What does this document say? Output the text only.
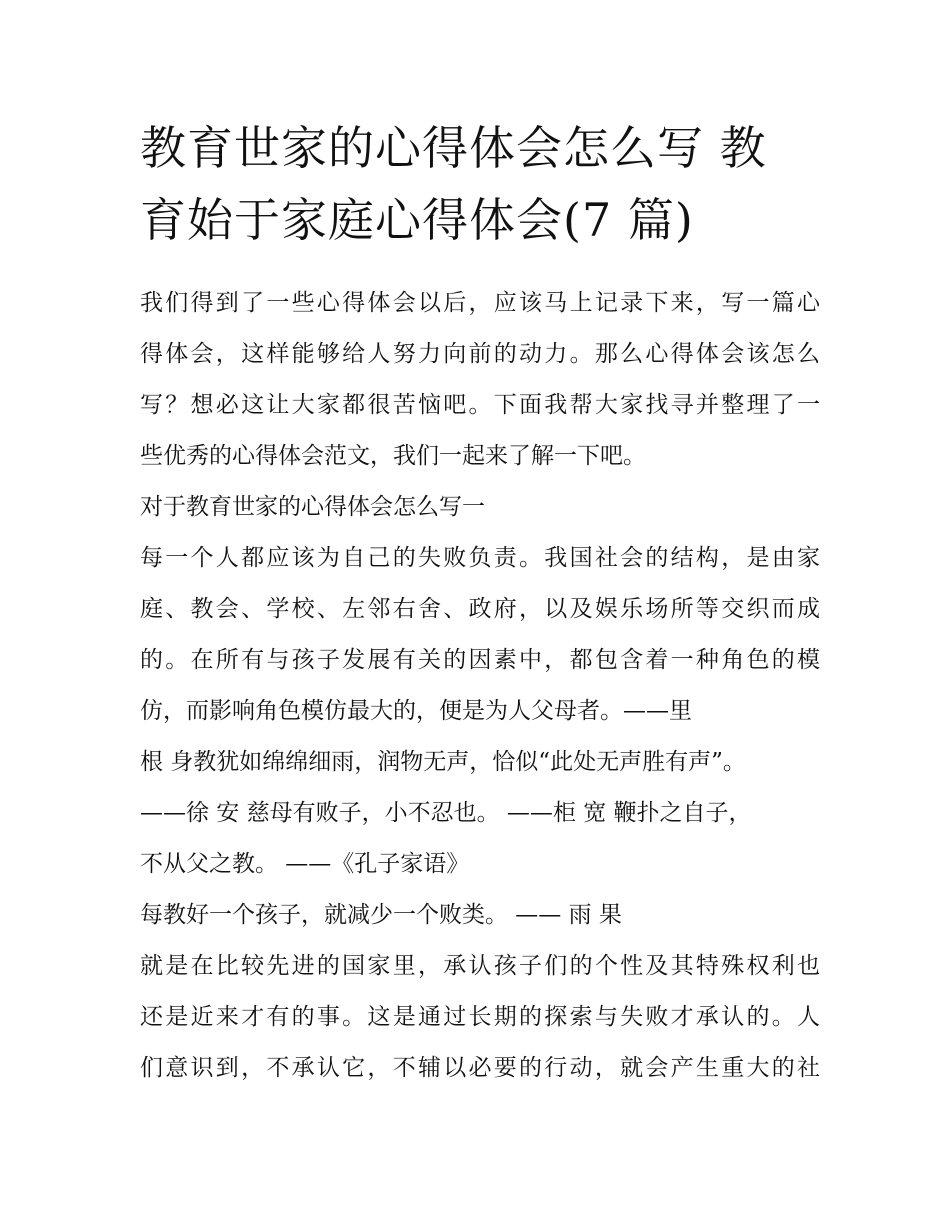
教育世家的心得体会怎么写 教
育始于家庭心得体会(7 篇)
我们得到了一些心得体会以后，应该马上记录下来，写一篇心
得体会，这样能够给人努力向前的动力。那么心得体会该怎么
写？想必这让大家都很苦恼吧。下面我帮大家找寻并整理了一
些优秀的心得体会范文，我们一起来了解一下吧。
对于教育世家的心得体会怎么写一
每一个人都应该为自己的失败负责。我国社会的结构，是由家
庭、教会、学校、左邻右舍、政府，以及娱乐场所等交织而成
的。在所有与孩子发展有关的因素中，都包含着一种角色的模
仿，而影响角色模仿最大的，便是为人父母者。——里
根 身教犹如绵绵细雨，润物无声，恰似“此处无声胜有声”。
——徐 安 慈母有败子，小不忍也。 ——柜 宽 鞭扑之自子，
不从父之教。 ——《孔子家语》
每教好一个孩子，就减少一个败类。 —— 雨 果
就是在比较先进的国家里，承认孩子们的个性及其特殊权利也
还是近来才有的事。这是通过长期的探索与失败才承认的。人
们意识到，不承认它，不辅以必要的行动，就会产生重大的社
